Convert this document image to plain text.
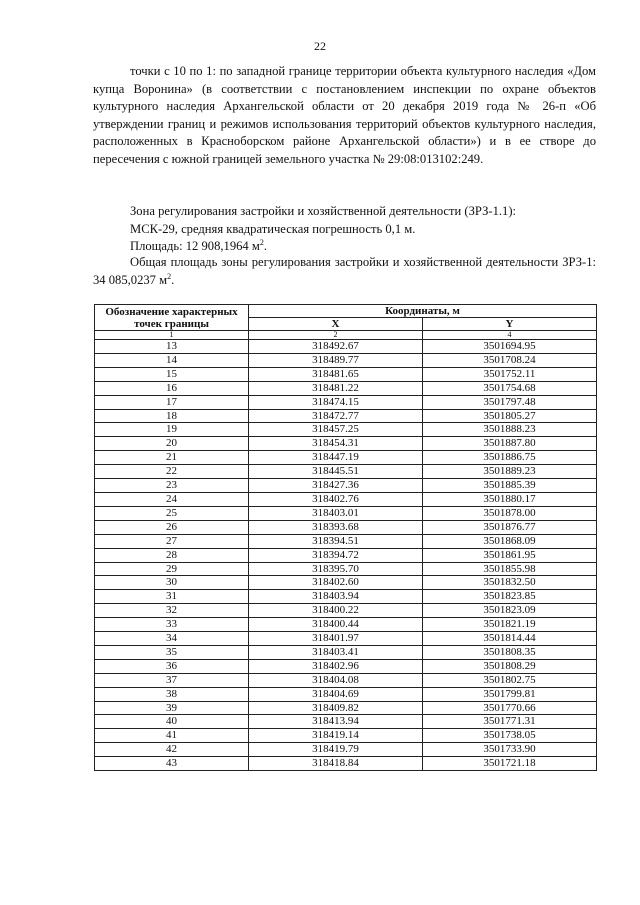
22

точки с 10 по 1: по западной границе территории объекта культурного наследия «Дом купца Воронина» (в соответствии с постановлением инспекции по охране объектов культурного наследия Архангельской области от 20 декабря 2019 года № 26-п «Об утверждении границ и режимов использования территорий объектов культурного наследия, расположенных в Красноборском районе Архангельской области») и в ее створе до пересечения с южной границей земельного участка № 29:08:013102:249.

Зона регулирования застройки и хозяйственной деятельности (ЗРЗ-1.1):
МСК-29, средняя квадратическая погрешность 0,1 м.
Площадь: 12 908,1964 $м^2$.

Общая площадь зоны регулирования застройки и хозяйственной деятельности ЗРЗ-1: 34 085,0237 $м^2$.

Обозначение характерных точек границы	Координаты, м	
	X	Y
1	2	4
13	318492.67	3501694.95
14	318489.77	3501708.24
15	318481.65	3501752.11
16	318481.22	3501754.68
17	318474.15	3501797.48
18	318472.77	3501805.27
19	318457.25	3501888.23
20	318454.31	3501887.80
21	318447.19	3501886.75
22	318445.51	3501889.23
23	318427.36	3501885.39
24	318402.76	3501880.17
25	318403.01	3501878.00
26	318393.68	3501876.77
27	318394.51	3501868.09
28	318394.72	3501861.95
29	318395.70	3501855.98
30	318402.60	3501832.50
31	318403.94	3501823.85
32	318400.22	3501823.09
33	318400.44	3501821.19
34	318401.97	3501814.44
35	318403.41	3501808.35
36	318402.96	3501808.29
37	318404.08	3501802.75
38	318404.69	3501799.81
39	318409.82	3501770.66
40	318413.94	3501771.31
41	318419.14	3501738.05
42	318419.79	3501733.90
43	318418.84	3501721.18
